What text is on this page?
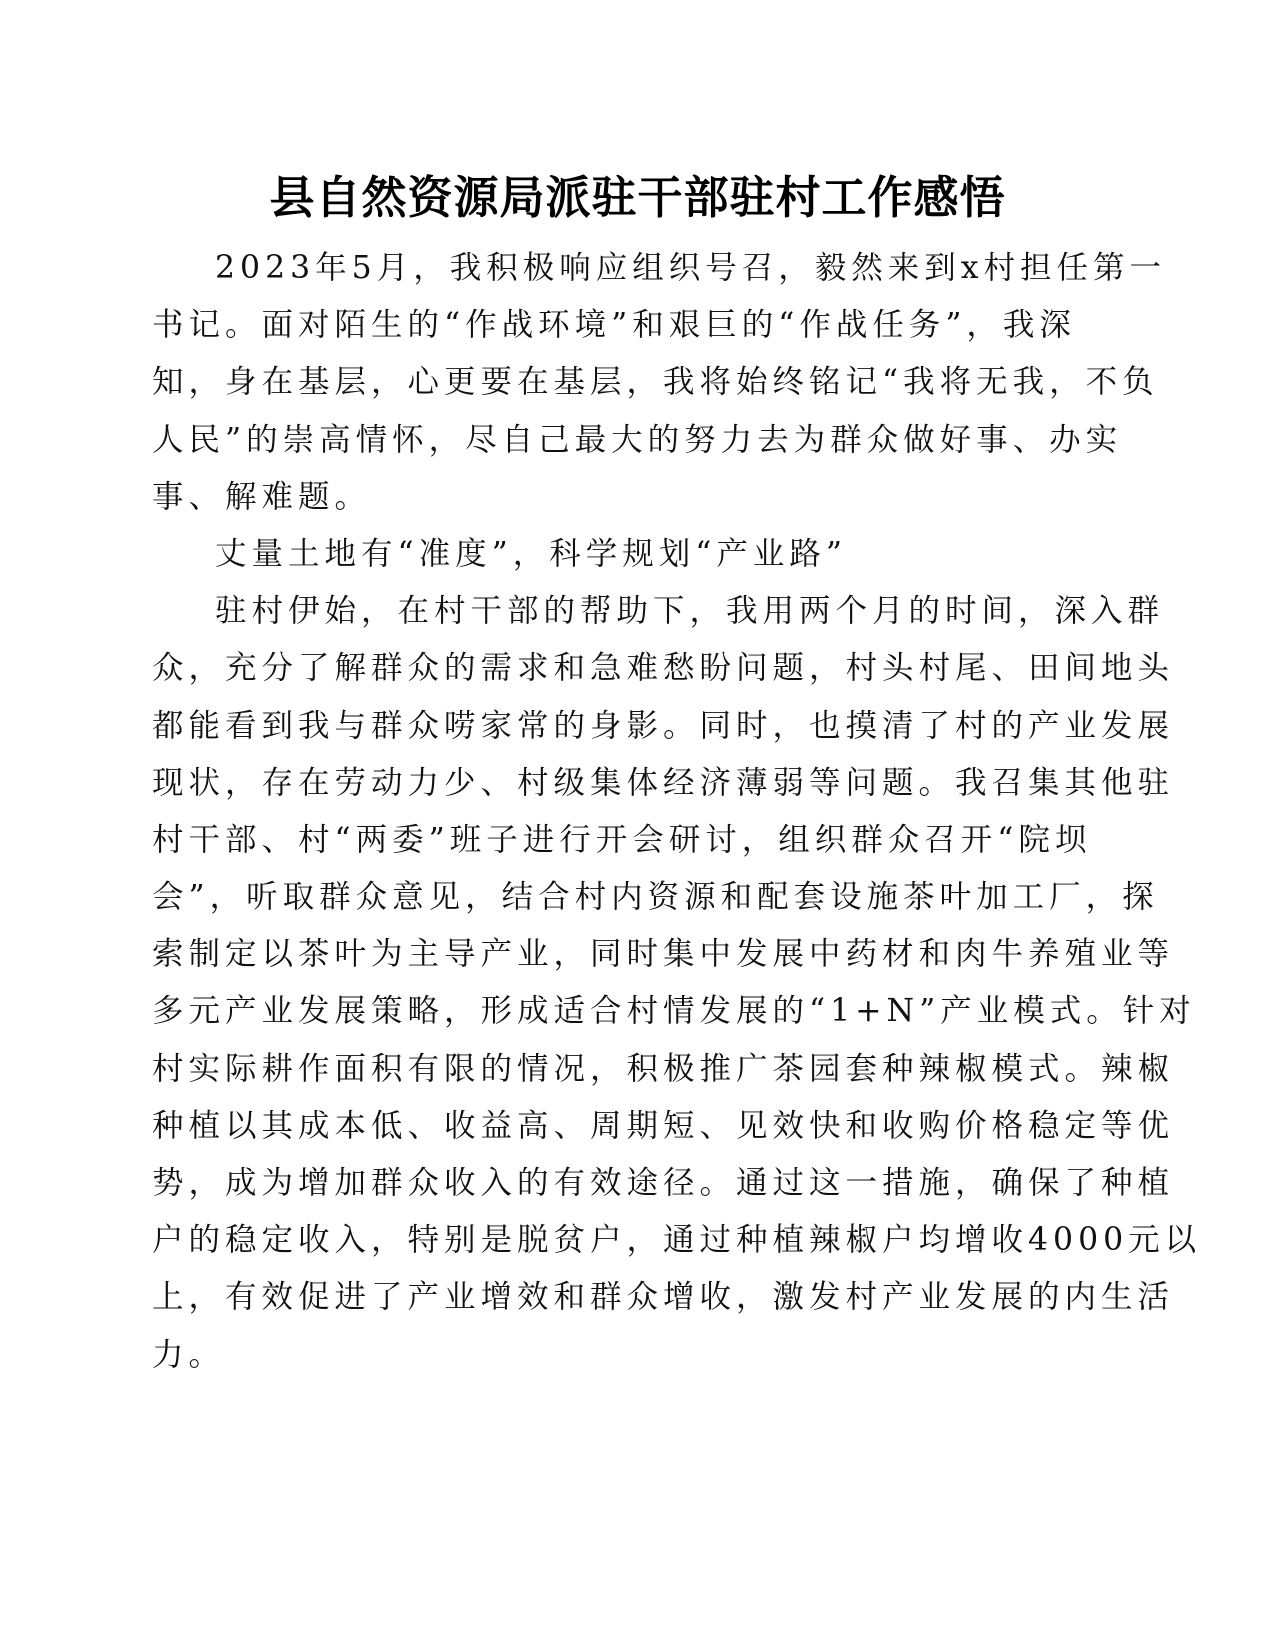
县自然资源局派驻干部驻村工作感悟
2023年5月，我积极响应组织号召，毅然来到x村担任第一
书记。面对陌生的“作战环境”和艰巨的“作战任务”，我深
知，身在基层，心更要在基层，我将始终铭记“我将无我，不负
人民”的崇高情怀，尽自己最大的努力去为群众做好事、办实
事、解难题。
丈量土地有“准度”，科学规划“产业路”
驻村伊始，在村干部的帮助下，我用两个月的时间，深入群
众，充分了解群众的需求和急难愁盼问题，村头村尾、田间地头
都能看到我与群众唠家常的身影。同时，也摸清了村的产业发展
现状，存在劳动力少、村级集体经济薄弱等问题。我召集其他驻
村干部、村“两委”班子进行开会研讨，组织群众召开“院坝
会”，听取群众意见，结合村内资源和配套设施茶叶加工厂，探
索制定以茶叶为主导产业，同时集中发展中药材和肉牛养殖业等
多元产业发展策略，形成适合村情发展的“1+N”产业模式。针对
村实际耕作面积有限的情况，积极推广茶园套种辣椒模式。辣椒
种植以其成本低、收益高、周期短、见效快和收购价格稳定等优
势，成为增加群众收入的有效途径。通过这一措施，确保了种植
户的稳定收入，特别是脱贫户，通过种植辣椒户均增收4000元以
上，有效促进了产业增效和群众增收，激发村产业发展的内生活
力。
